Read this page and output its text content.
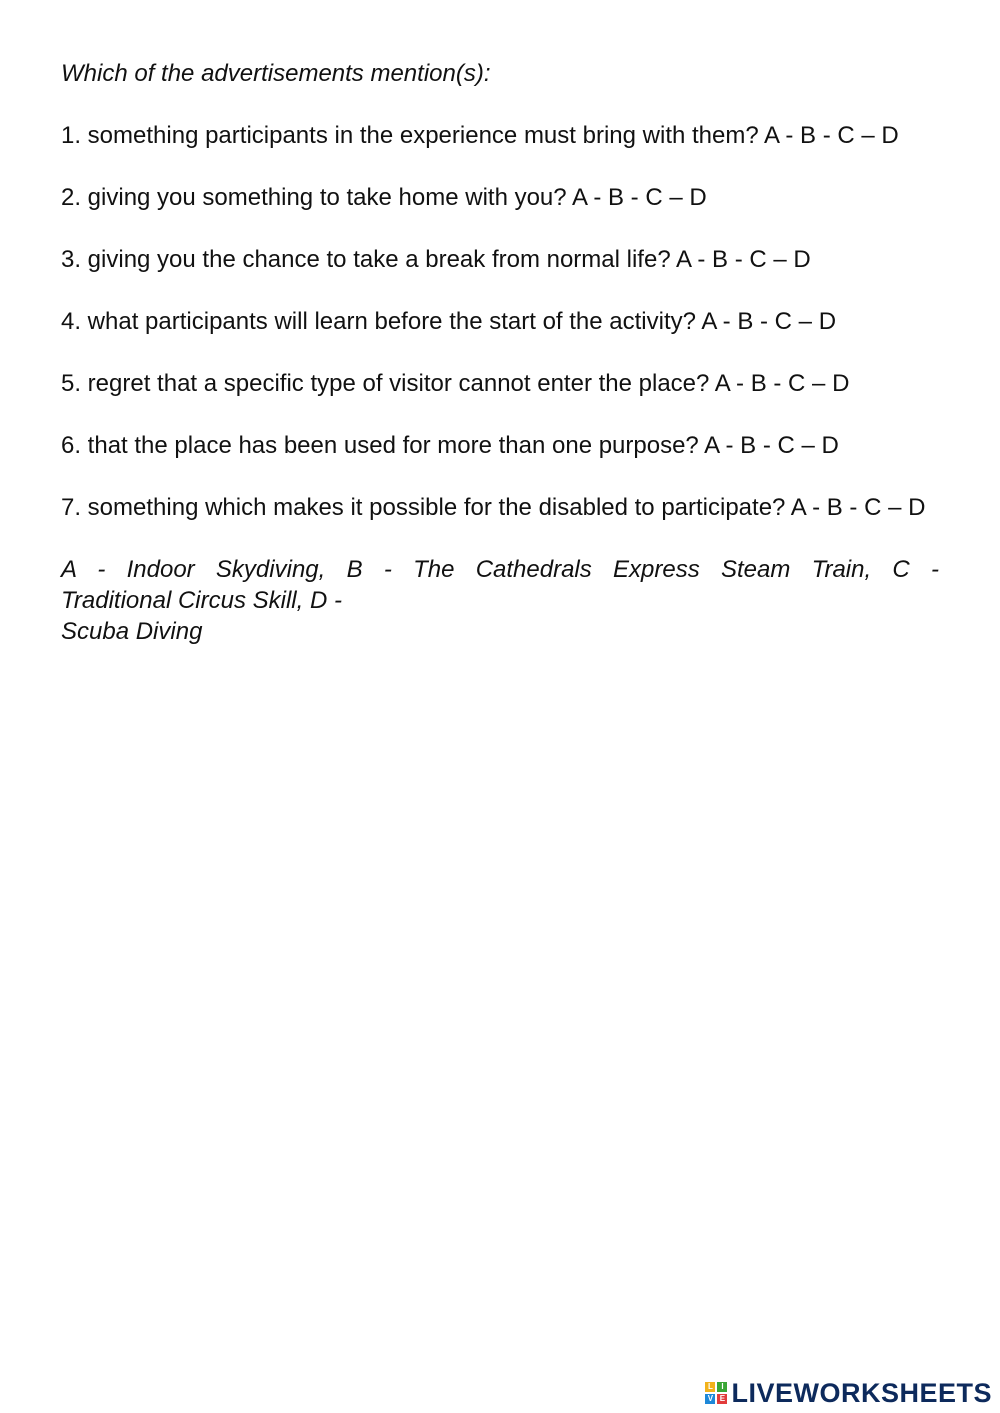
Which of the advertisements mention(s):

1. something participants in the experience must bring with them? A - B - C – D

2. giving you something to take home with you? A - B - C – D

3. giving you the chance to take a break from normal life? A - B - C – D

4. what participants will learn before the start of the activity? A - B - C – D

5. regret that a specific type of visitor cannot enter the place? A - B - C – D

6. that the place has been used for more than one purpose? A - B - C – D

7. something which makes it possible for the disabled to participate? A - B - C – D

A - Indoor Skydiving, B - The Cathedrals Express Steam Train, C -
Traditional Circus Skill, D -
Scuba Diving

L	I
V E LIVEWORKSHEETS
